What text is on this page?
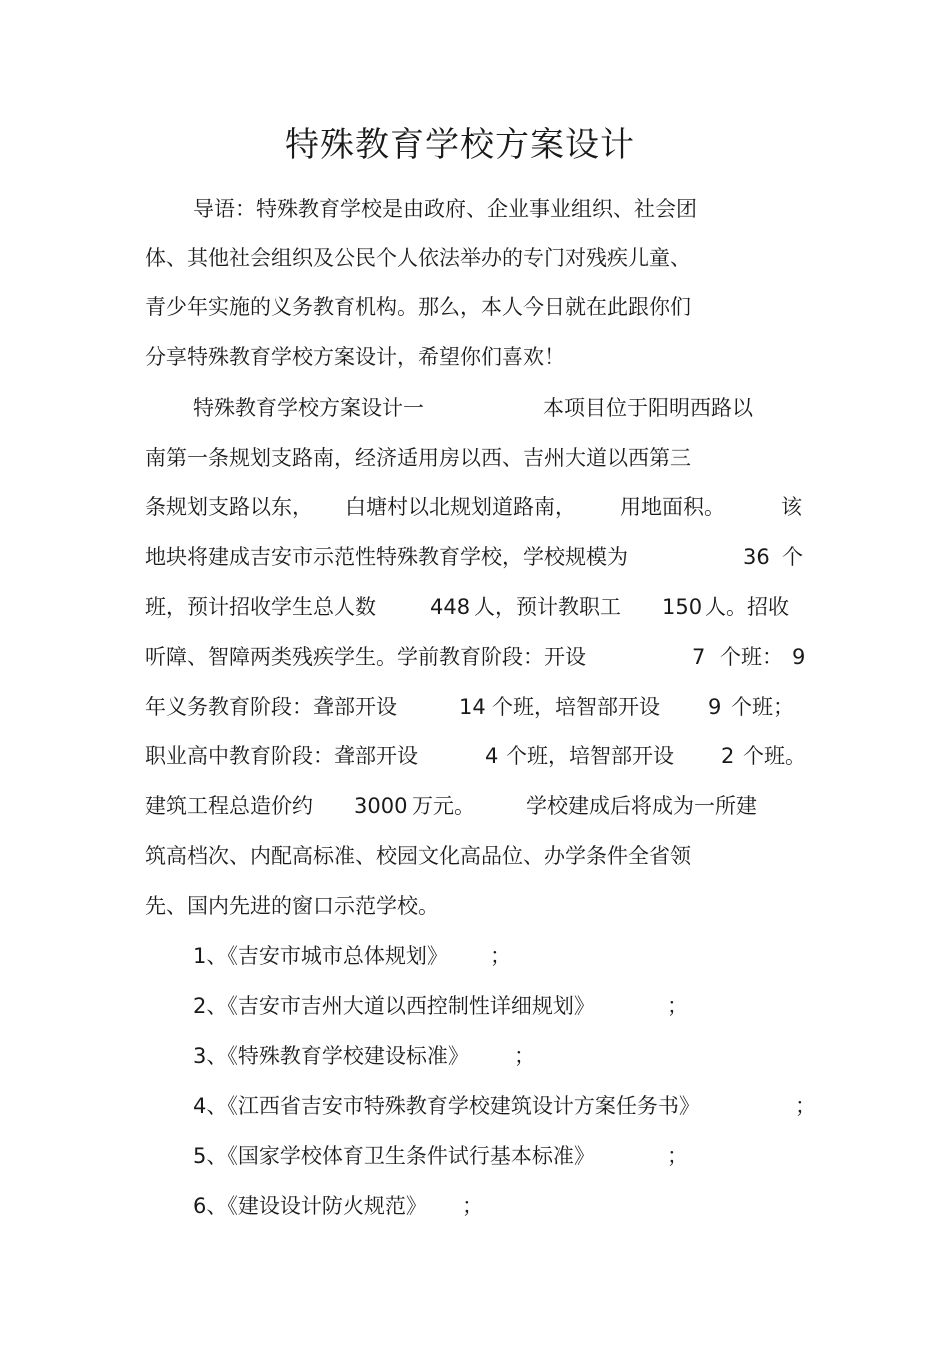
特殊教育学校方案设计
导语：特殊教育学校是由政府、企业事业组织、社会团
体、其他社会组织及公民个人依法举办的专门对残疾儿童、
青少年实施的义务教育机构。那么，本人今日就在此跟你们
分享特殊教育学校方案设计，希望你们喜欢！
特殊教育学校方案设计一	本项目位于阳明西路以
南第一条规划支路南，经济适用房以西、吉州大道以西第三
条规划支路以东， 白塘村以北规划道路南， 用地面积。	该
地块将建成吉安市示范性特殊教育学校，学校规模为	36 个
班，预计招收学生总人数	448 人，预计教职工 150 人。招收
听障、智障两类残疾学生。学前教育阶段：开设	7 个班： 9
年义务教育阶段：聋部开设	14 个班，培智部开设 9 个班；
职业高中教育阶段：聋部开设	4 个班，培智部开设 2 个班。
建筑工程总造价约 3000 万元。 学校建成后将成为一所建
筑高档次、内配高标准、校园文化高品位、办学条件全省领
先、国内先进的窗口示范学校。
1、《吉安市城市总体规划》 ；
2、《吉安市吉州大道以西控制性详细规划》	；
3、《特殊教育学校建设标准》 ；
4、《江西省吉安市特殊教育学校建筑设计方案任务书》	；
5、《国家学校体育卫生条件试行基本标准》	；
6、《建设设计防火规范》 ；
